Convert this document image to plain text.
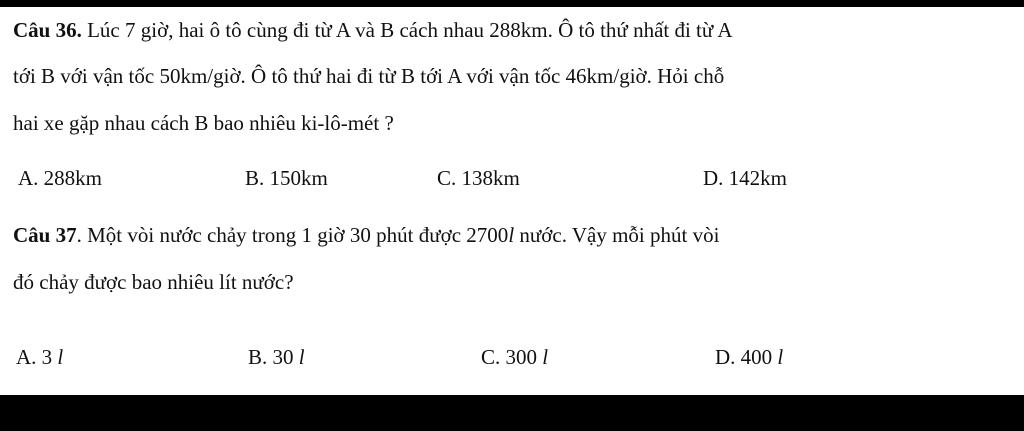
Câu 36. Lúc 7 giờ, hai ô tô cùng đi từ A và B cách nhau 288km. Ô tô thứ nhất đi từ A
tới B với vận tốc 50km/giờ. Ô tô thứ hai đi từ B tới A với vận tốc 46km/giờ. Hỏi chỗ
hai xe gặp nhau cách B bao nhiêu ki-lô-mét ?
A. 288km	B. 150km	C. 138km	D. 142km
Câu 37. Một vòi nước chảy trong 1 giờ 30 phút được 2700l nước. Vậy mỗi phút vòi
đó chảy được bao nhiêu lít nước?
A. 3 l	B. 30 l	C. 300 l	D. 400 l
